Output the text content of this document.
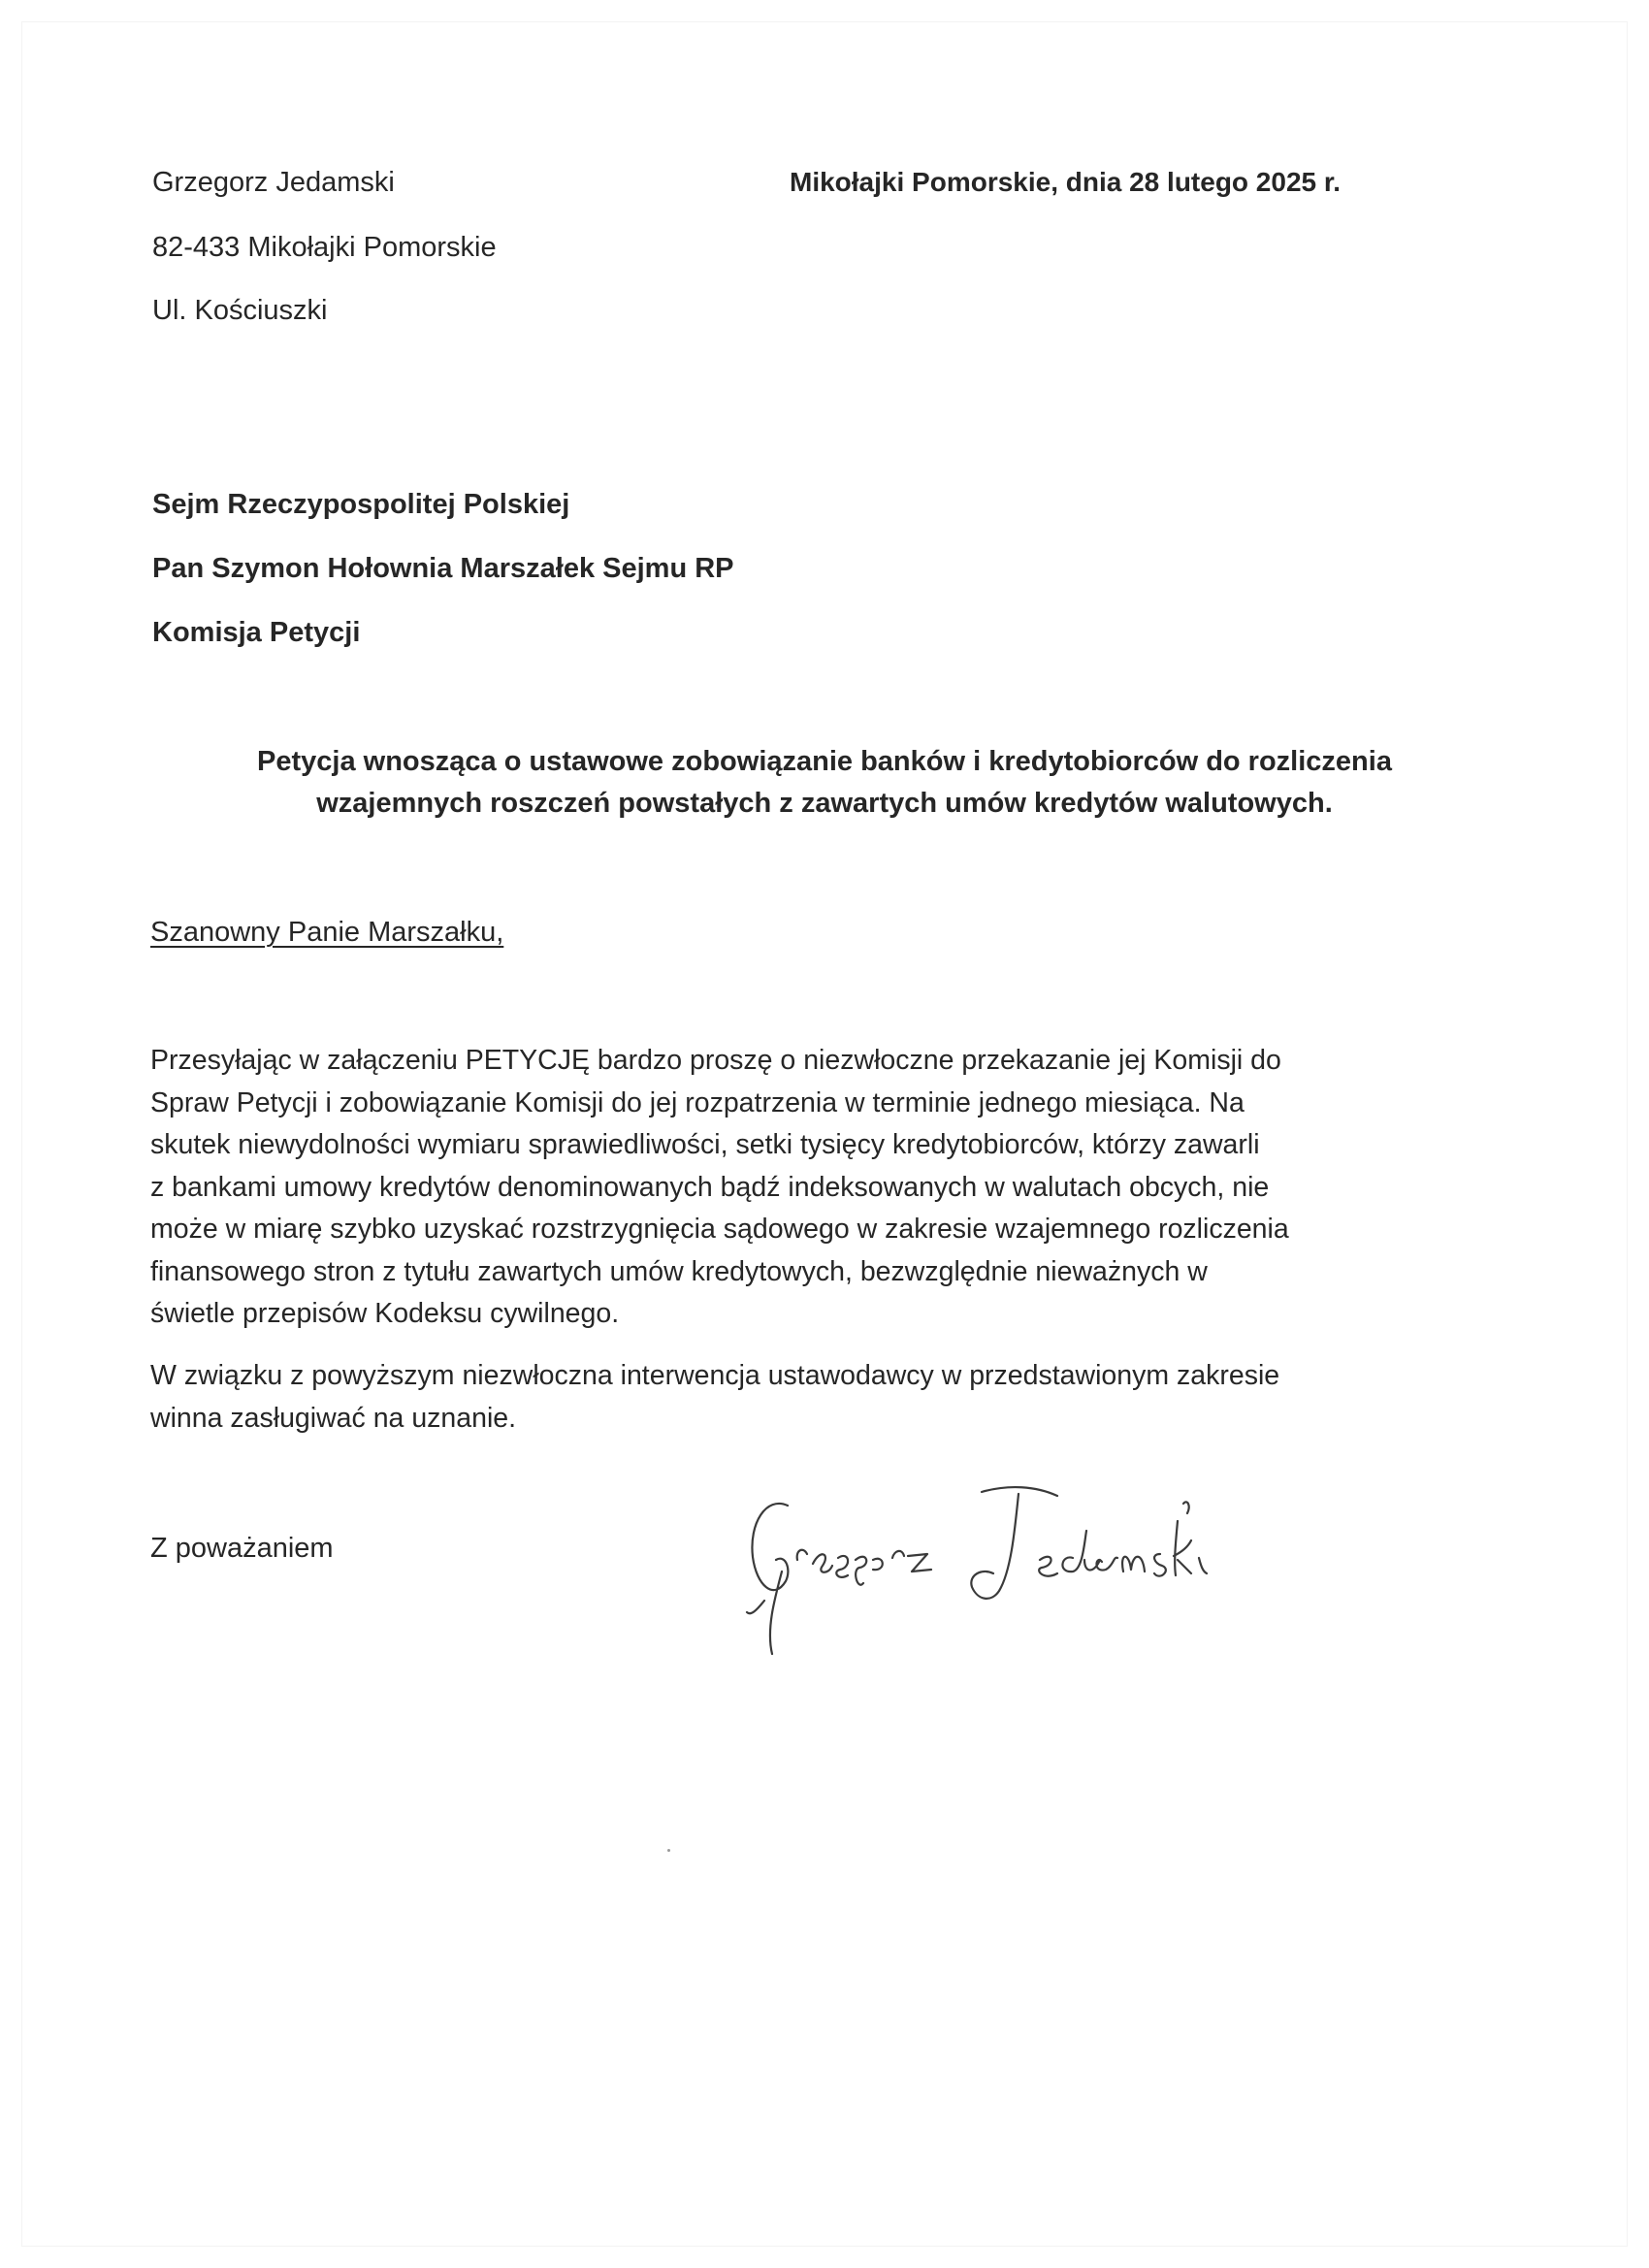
Grzegorz Jedamski
82-433 Mikołajki Pomorskie
Ul. Kościuszki
Mikołajki Pomorskie, dnia 28 lutego 2025 r.
Sejm Rzeczypospolitej Polskiej
Pan Szymon Hołownia Marszałek Sejmu RP
Komisja Petycji
Petycja wnosząca o ustawowe zobowiązanie banków i kredytobiorców do rozliczenia
wzajemnych roszczeń powstałych z zawartych umów kredytów walutowych.
Szanowny Panie Marszałku,
Przesyłając w załączeniu PETYCJĘ bardzo proszę o niezwłoczne przekazanie jej Komisji do
Spraw Petycji i zobowiązanie Komisji do jej rozpatrzenia w terminie jednego miesiąca. Na
skutek niewydolności wymiaru sprawiedliwości, setki tysięcy kredytobiorców, którzy zawarli
z bankami umowy kredytów denominowanych bądź indeksowanych w walutach obcych, nie
może w miarę szybko uzyskać rozstrzygnięcia sądowego w zakresie wzajemnego rozliczenia
finansowego stron z tytułu zawartych umów kredytowych, bezwzględnie nieważnych w
świetle przepisów Kodeksu cywilnego.
W związku z powyższym niezwłoczna interwencja ustawodawcy w przedstawionym zakresie
winna zasługiwać na uznanie.
Z poważaniem
